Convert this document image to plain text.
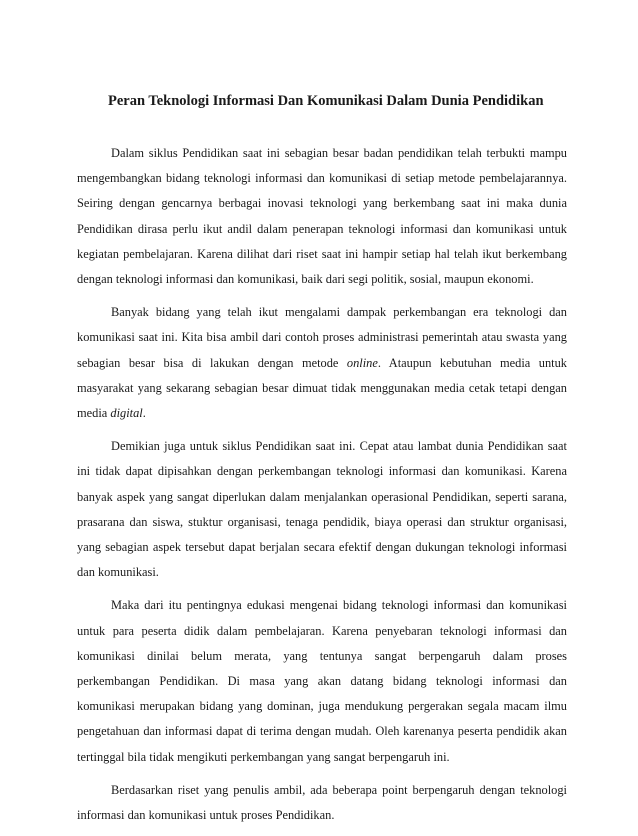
Peran Teknologi Informasi Dan Komunikasi Dalam Dunia Pendidikan
Dalam siklus Pendidikan saat ini sebagian besar badan pendidikan telah terbukti mampu
mengembangkan bidang teknologi informasi dan komunikasi di setiap metode pembelajarannya.
Seiring dengan gencarnya berbagai inovasi teknologi yang berkembang saat ini maka dunia
Pendidikan dirasa perlu ikut andil dalam penerapan teknologi informasi dan komunikasi untuk
kegiatan pembelajaran. Karena dilihat dari riset saat ini hampir setiap hal telah ikut berkembang
dengan teknologi informasi dan komunikasi, baik dari segi politik, sosial, maupun ekonomi.
Banyak bidang yang telah ikut mengalami dampak perkembangan era teknologi dan
komunikasi saat ini. Kita bisa ambil dari contoh proses administrasi pemerintah atau swasta yang
sebagian besar bisa di lakukan dengan metode online. Ataupun kebutuhan media untuk
masyarakat yang sekarang sebagian besar dimuat tidak menggunakan media cetak tetapi dengan
media digital.
Demikian juga untuk siklus Pendidikan saat ini. Cepat atau lambat dunia Pendidikan saat
ini tidak dapat dipisahkan dengan perkembangan teknologi informasi dan komunikasi. Karena
banyak aspek yang sangat diperlukan dalam menjalankan operasional Pendidikan, seperti sarana,
prasarana dan siswa, stuktur organisasi, tenaga pendidik, biaya operasi dan struktur organisasi,
yang sebagian aspek tersebut dapat berjalan secara efektif dengan dukungan teknologi informasi
dan komunikasi.
Maka dari itu pentingnya edukasi mengenai bidang teknologi informasi dan komunikasi
untuk para peserta didik dalam pembelajaran. Karena penyebaran teknologi informasi dan
komunikasi dinilai belum merata, yang tentunya sangat berpengaruh dalam proses
perkembangan Pendidikan. Di masa yang akan datang bidang teknologi informasi dan
komunikasi merupakan bidang yang dominan, juga mendukung pergerakan segala macam ilmu
pengetahuan dan informasi dapat di terima dengan mudah. Oleh karenanya peserta pendidik akan
tertinggal bila tidak mengikuti perkembangan yang sangat berpengaruh ini.
Berdasarkan riset yang penulis ambil, ada beberapa point berpengaruh dengan teknologi
informasi dan komunikasi untuk proses Pendidikan.
